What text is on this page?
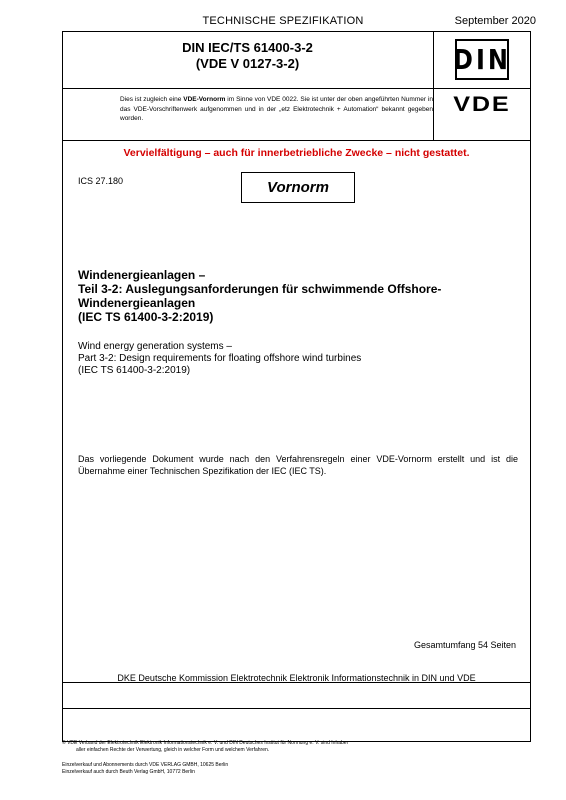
TECHNISCHE SPEZIFIKATION	September 2020
DIN IEC/TS 61400-3-2
(VDE V 0127-3-2)	DIN
Dies ist zugleich eine VDE-Vornorm im Sinne von VDE 0022. Sie ist unter der oben angeführten Nummer in das VDE-Vorschriftenwerk aufgenommen und in der „etz Elektrotechnik + Automation“ bekannt gegeben worden.
VDE
Vervielfältigung – auch für innerbetriebliche Zwecke – nicht gestattet.
ICS 27.180	Vornorm
Windenergieanlagen –
Teil 3-2: Auslegungsanforderungen für schwimmende Offshore-
Windenergieanlagen
(IEC TS 61400-3-2:2019)
Wind energy generation systems –
Part 3-2: Design requirements for floating offshore wind turbines
(IEC TS 61400-3-2:2019)
Das vorliegende Dokument wurde nach den Verfahrensregeln einer VDE-Vornorm erstellt und ist die Übernahme einer Technischen Spezifikation der IEC (IEC TS).
Gesamtumfang 54 Seiten
DKE Deutsche Kommission Elektrotechnik Elektronik Informationstechnik in DIN und VDE
© VDE Verband der Elektrotechnik Elektronik Informationstechnik e. V. und DIN Deutsches Institut für Normung e. V. sind Inhaber
aller einfachen Rechte der Verwertung, gleich in welcher Form und welchem Verfahren.
Einzelverkauf und Abonnements durch VDE VERLAG GMBH, 10625 Berlin
Einzelverkauf auch durch Beuth Verlag GmbH, 10772 Berlin
